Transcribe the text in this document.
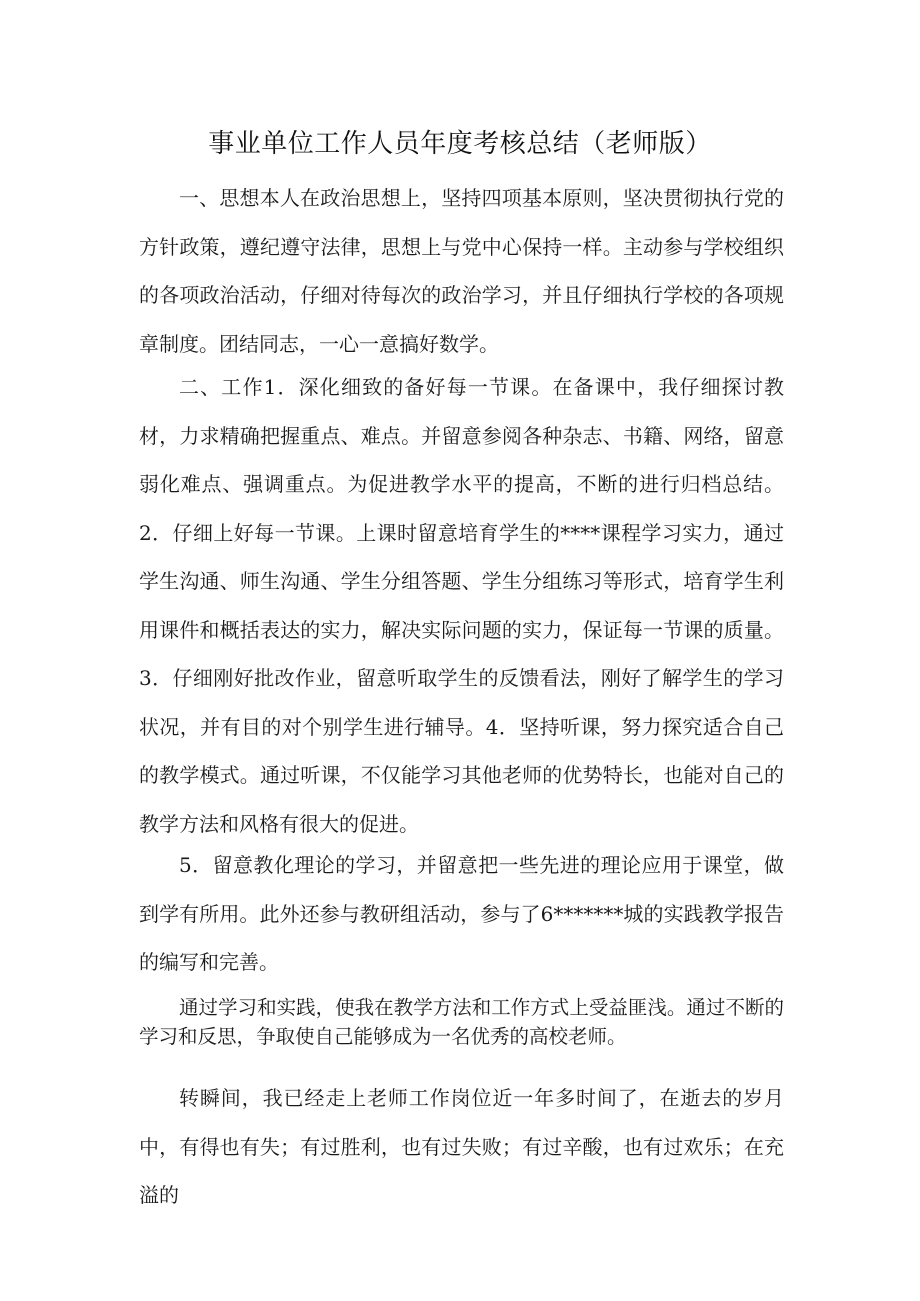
事业单位工作人员年度考核总结（老师版）

一、思想本人在政治思想上，坚持四项基本原则，坚决贯彻执行党的方针政策，遵纪遵守法律，思想上与党中心保持一样。主动参与学校组织的各项政治活动，仔细对待每次的政治学习，并且仔细执行学校的各项规章制度。团结同志，一心一意搞好数学。

二、工作1．深化细致的备好每一节课。在备课中，我仔细探讨教材，力求精确把握重点、难点。并留意参阅各种杂志、书籍、网络，留意弱化难点、强调重点。为促进教学水平的提高，不断的进行归档总结。2．仔细上好每一节课。上课时留意培育学生的****课程学习实力，通过学生沟通、师生沟通、学生分组答题、学生分组练习等形式，培育学生利用课件和概括表达的实力，解决实际问题的实力，保证每一节课的质量。3．仔细刚好批改作业，留意听取学生的反馈看法，刚好了解学生的学习状况，并有目的对个别学生进行辅导。4．坚持听课，努力探究适合自己的教学模式。通过听课，不仅能学习其他老师的优势特长，也能对自己的教学方法和风格有很大的促进。

5．留意教化理论的学习，并留意把一些先进的理论应用于课堂，做到学有所用。此外还参与教研组活动，参与了6*******城的实践教学报告的编写和完善。

通过学习和实践，使我在教学方法和工作方式上受益匪浅。通过不断的学习和反思，争取使自己能够成为一名优秀的高校老师。

转瞬间，我已经走上老师工作岗位近一年多时间了，在逝去的岁月中，有得也有失；有过胜利，也有过失败；有过辛酸，也有过欢乐；在充溢的
